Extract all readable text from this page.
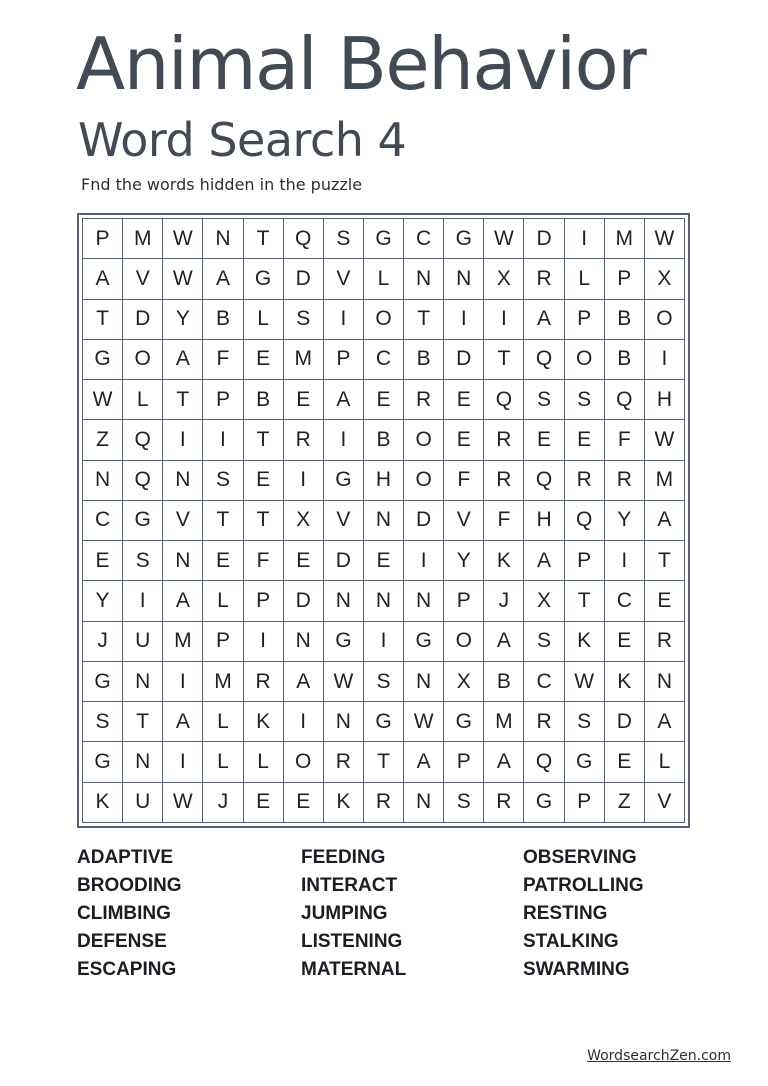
Animal Behavior
Word Search 4

Fnd the words hidden in the puzzle

P	M	W	N	T	Q	S	G	C	G	W	D	I	M	W
A	V	W	A	G	D	V	L	N	N	X	R	L	P	X
T	D	Y	B	L	S	I	O	T	I	I	A	P	B	O
G	O	A	F	E	M	P	C	B	D	T	Q	O	B	I
W	L	T	P	B	E	A	E	R	E	Q	S	S	Q	H
Z	Q	I	I	T	R	I	B	O	E	R	E	E	F	W
N	Q	N	S	E	I	G	H	O	F	R	Q	R	R	M
C	G	V	T	T	X	V	N	D	V	F	H	Q	Y	A
E	S	N	E	F	E	D	E	I	Y	K	A	P	I	T
Y	I	A	L	P	D	N	N	N	P	J	X	T	C	E
J	U	M	P	I	N	G	I	G	O	A	S	K	E	R
G	N	I	M	R	A	W	S	N	X	B	C	W	K	N
S	T	A	L	K	I	N	G	W	G	M	R	S	D	A
G	N	I	L	L	O	R	T	A	P	A	Q	G	E	L
K	U	W	J	E	E	K	R	N	S	R	G	P	Z	V
ADAPTIVE
BROODING
CLIMBING
DEFENSE
ESCAPING
FEEDING
INTERACT
JUMPING
LISTENING
MATERNAL
OBSERVING
PATROLLING
RESTING
STALKING
SWARMING
WordsearchZen.com
